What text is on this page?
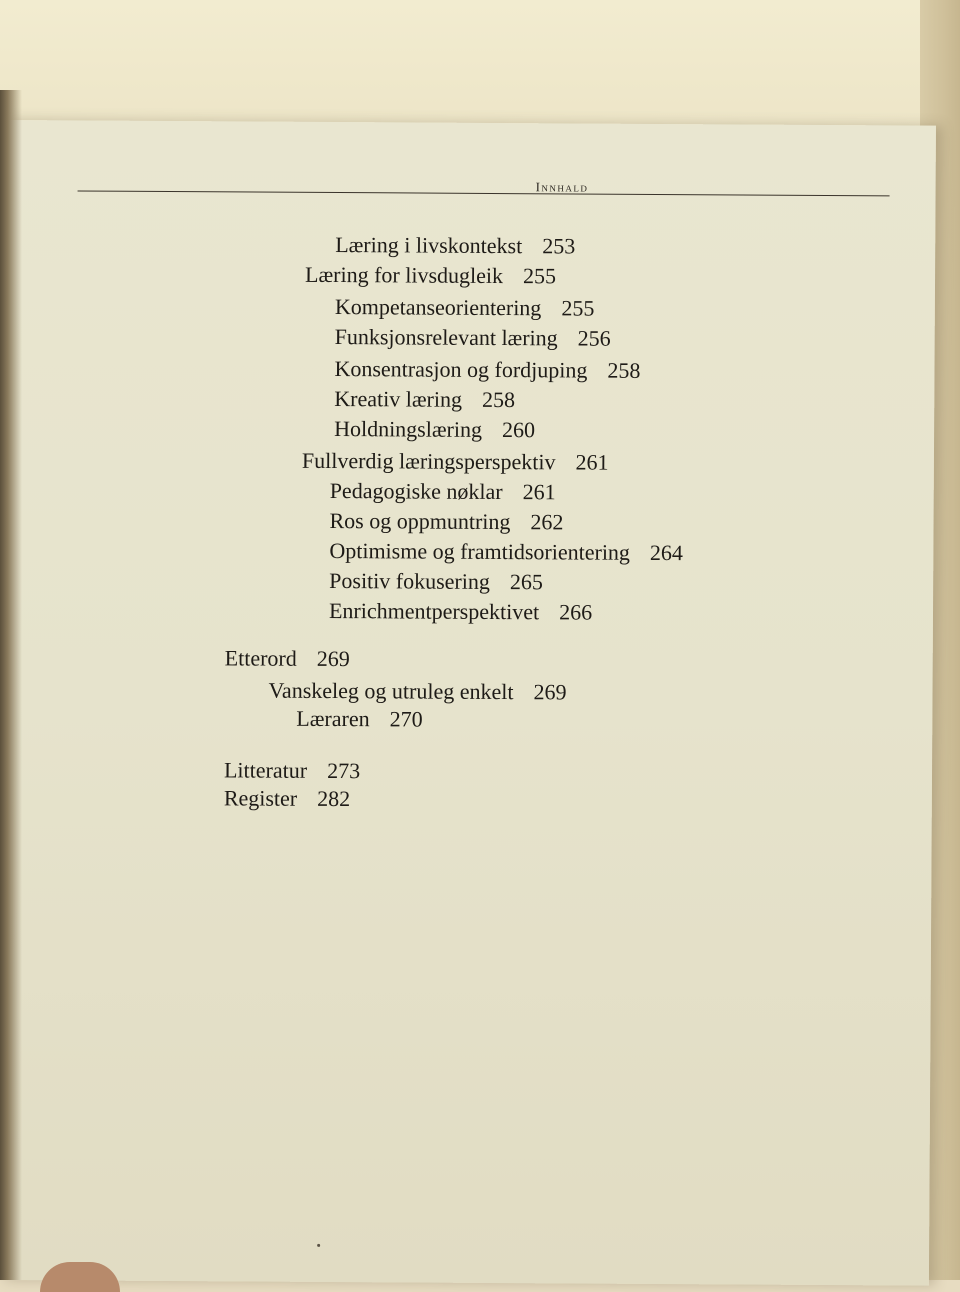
Innhald
Læring i livskontekst 253
Læring for livsdugleik 255
Kompetanseorientering 255
Funksjonsrelevant læring 256
Konsentrasjon og fordjuping 258
Kreativ læring 258
Holdningslæring 260
Fullverdig læringsperspektiv 261
Pedagogiske nøklar 261
Ros og oppmuntring 262
Optimisme og framtidsorientering 264
Positiv fokusering 265
Enrichmentperspektivet 266
Etterord 269
Vanskeleg og utruleg enkelt 269
Læraren 270
Litteratur 273
Register 282
